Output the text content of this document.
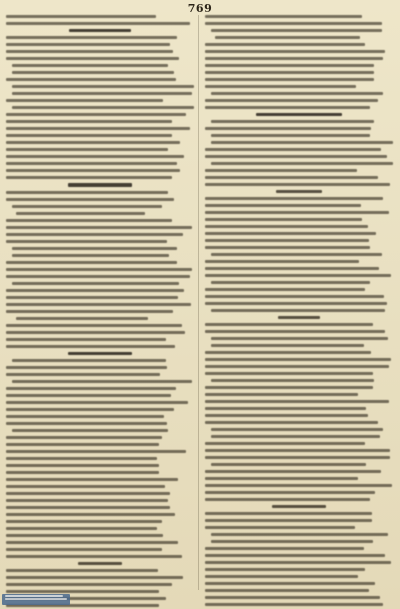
769
